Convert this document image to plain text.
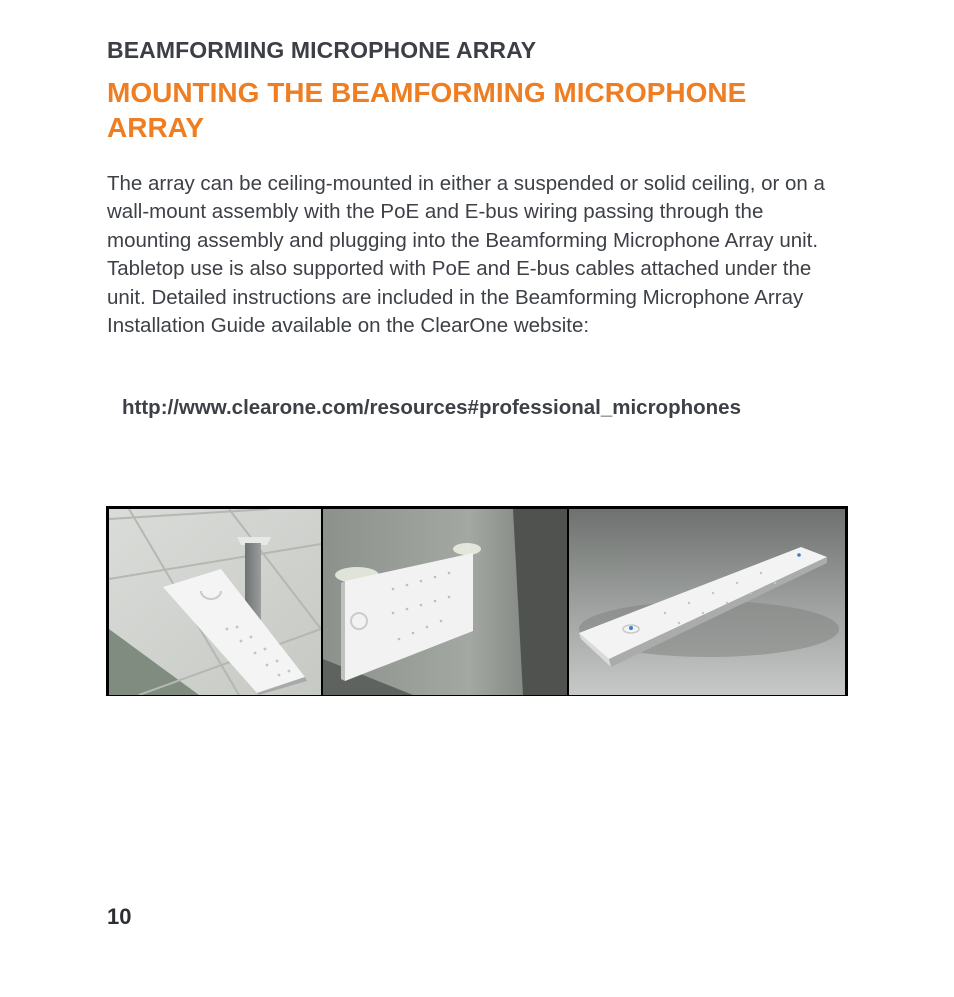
BEAMFORMING MICROPHONE ARRAY
MOUNTING THE BEAMFORMING MICROPHONE ARRAY

The array can be ceiling-mounted in either a suspended or solid ceiling, or on a wall-mount assembly with the PoE and E-bus wiring passing through the mounting assembly and plugging into the Beamforming Microphone Array unit. Tabletop use is also supported with PoE and E-bus cables attached under the unit. Detailed instructions are included in the Beamforming Microphone Array Installation Guide available on the ClearOne website:

http://www.clearone.com/resources#professional_microphones

10
